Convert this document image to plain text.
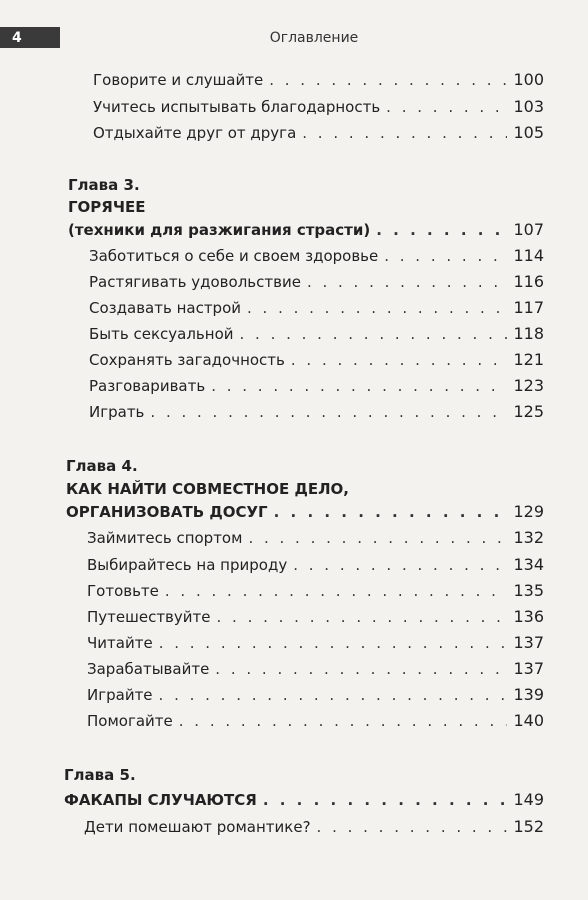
4	Оглавление
Говорите и слушайте . . .	100
Учитесь испытывать благодарность . . .	103
Отдыхайте друг от друга . . .	105
Глава 3.
ГОРЯЧЕЕ
(техники для разжигания страсти) . . .	107
Заботиться о себе и своем здоровье . . .	114
Растягивать удовольствие . . .	116
Создавать настрой . . .	117
Быть сексуальной . . .	118
Сохранять загадочность . . .	121
Разговаривать . . .	123
Играть . . .	125
Глава 4.
КАК НАЙТИ СОВМЕСТНОЕ ДЕЛО,
ОРГАНИЗОВАТЬ ДОСУГ . . .	129
Займитесь спортом . . .	132
Выбирайтесь на природу . . .	134
Готовьте . . .	135
Путешествуйте . . .	136
Читайте . . .	137
Зарабатывайте . . .	137
Играйте . . .	139
Помогайте . . .	140
Глава 5.
ФАКАПЫ СЛУЧАЮТСЯ . . .	149
Дети помешают романтике? . . .	152
